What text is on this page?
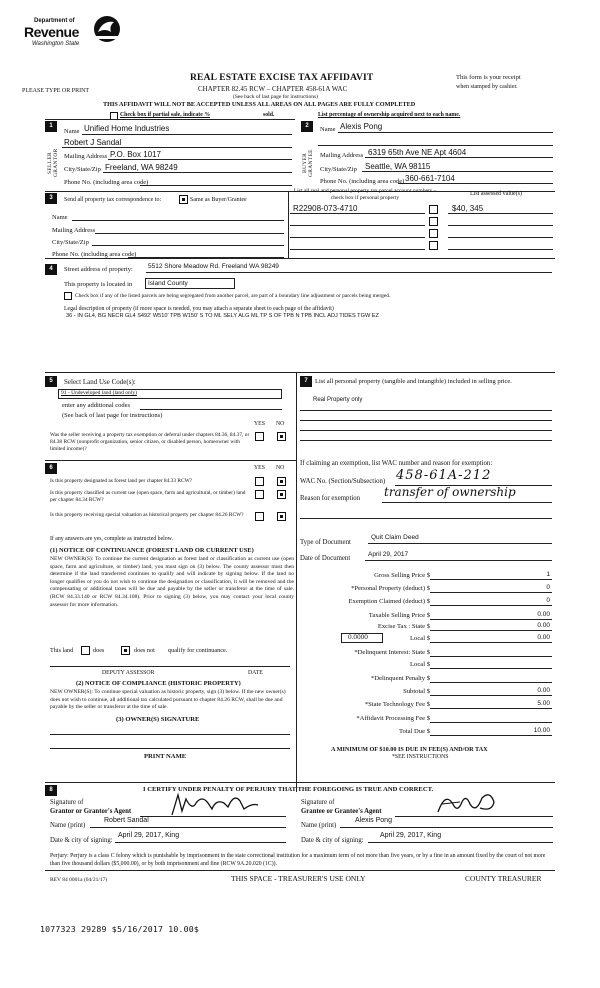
Department of
Revenue
Washington State
PLEASE TYPE OR PRINT
REAL ESTATE EXCISE TAX AFFIDAVIT
CHAPTER 82.45 RCW – CHAPTER 458-61A WAC
(See back of last page for instructions)
THIS AFFIDAVIT WILL NOT BE ACCEPTED UNLESS ALL AREAS ON ALL PAGES ARE FULLY COMPLETED
This form is your receipt
when stamped by cashier.
Check box if partial sale, indicate %	sold.	List percentage of ownership acquired next to each name.
1
SELLER GRANTOR
Name Unified Home Industries
Robert J Sandal
Mailing Address P.O. Box 1017
City/State/Zip Freeland, WA 98249
Phone No. (including area code)
2
BUYER GRANTEE
Name Alexis Pong
Mailing Address 6319 65th Ave NE Apt 4604
City/State/Zip Seattle, WA 98115
Phone No. (including area code) 360-661-7104
3	Send all property tax correspondence to:	Same as Buyer/Grantee
Name
Mailing Address
City/State/Zip
Phone No. (including area code)
List all real and personal property tax parcel account numbers – check box if personal property
List assessed value(s)
R22908-073-4710	$40, 345
4	Street address of property: 5512 Shore Meadow Rd. Freeland WA 98249
This property is located in Island County
Check box if any of the listed parcels are being segregated from another parcel, are part of a boundary line adjustment or parcels being merged.
Legal description of property (if more space is needed, you may attach a separate sheet to each page of the affidavit)
36 - IN GL4, BG NECR GL4 S492' W510' TPB W150' S TO ML SELY ALG ML TP S OF TPB N TPB INCL ADJ TIDES TGW EZ
5	Select Land Use Code(s):
91 - Undeveloped land (land only)
enter any additional codes
(See back of last page for instructions)
YES NO
Was the seller receiving a property tax exemption or deferral under chapters 84.36, 84.37, or 84.38 RCW (nonprofit organization, senior citizen, or disabled person, homeowner with limited income)?
6	YES NO
Is this property designated as forest land per chapter 84.33 RCW?
Is this property classified as current use (open space, farm and agricultural, or timber) land per chapter 84.34 RCW?
Is this property receiving special valuation as historical property per chapter 84.26 RCW?
If any answers are yes, complete as instructed below.
(1) NOTICE OF CONTINUANCE (FOREST LAND OR CURRENT USE)
NEW OWNER(S): To continue the current designation as forest land or classification as current use (open space, farm and agriculture, or timber) land, you must sign on (3) below. The county assessor must then determine if the land transferred continues to qualify and will indicate by signing below. If the land no longer qualifies or you do not wish to continue the designation or classification, it will be removed and the compensating or additional taxes will be due and payable by the seller or transferor at the time of sale. (RCW 84.33.140 or RCW 84.34.108). Prior to signing (3) below, you may contact your local county assessor for more information.
This land	does	does not qualify for continuance.
DEPUTY ASSESSOR	DATE
(2) NOTICE OF COMPLIANCE (HISTORIC PROPERTY)
NEW OWNER(S): To continue special valuation as historic property, sign (3) below. If the new owner(s) does not wish to continue, all additional tax calculated pursuant to chapter 84.26 RCW, shall be due and payable by the seller or transferor at the time of sale.
(3) OWNER(S) SIGNATURE
PRINT NAME
7	List all personal property (tangible and intangible) included in selling price.
Real Property only
If claiming an exemption, list WAC number and reason for exemption:
WAC No. (Section/Subsection) 458-61A-212
Reason for exemption transfer of ownership
Type of Document
Quit Claim Deed
Date of Document
April 29, 2017
Gross Selling Price $	1
*Personal Property (deduct) $	0
Exemption Claimed (deduct) $	0
Taxable Selling Price $	0.00
Excise Tax : State $	0.00
Local $	0.00
*Delinquent Interest: State $
Local $
*Delinquent Penalty $
Subtotal $	0.00
*State Technology Fee $	5.00
*Affidavit Processing Fee $
Total Due $	10.00
0.0000
A MINIMUM OF $10.00 IS DUE IN FEE(S) AND/OR TAX
*SEE INSTRUCTIONS
8	I CERTIFY UNDER PENALTY OF PERJURY THAT THE FOREGOING IS TRUE AND CORRECT.
Signature of
Grantor or Grantor's Agent
Name (print)
Robert Sandal
Date & city of signing:
April 29, 2017, King
Signature of
Grantee or Grantee's Agent
Name (print)
Alexis Pong
Date & city of signing:
April 29, 2017, King
Perjury: Perjury is a class C felony which is punishable by imprisonment in the state correctional institution for a maximum term of not more than five years, or by a fine in an amount fixed by the court of not more than five thousand dollars ($5,000.00), or by both imprisonment and fine (RCW 9A.20.020 (1C)).
REV 84 0001a (04/21/17)	THIS SPACE - TREASURER'S USE ONLY	COUNTY TREASURER
1077323 29289 $5/16/2017 10.00$
